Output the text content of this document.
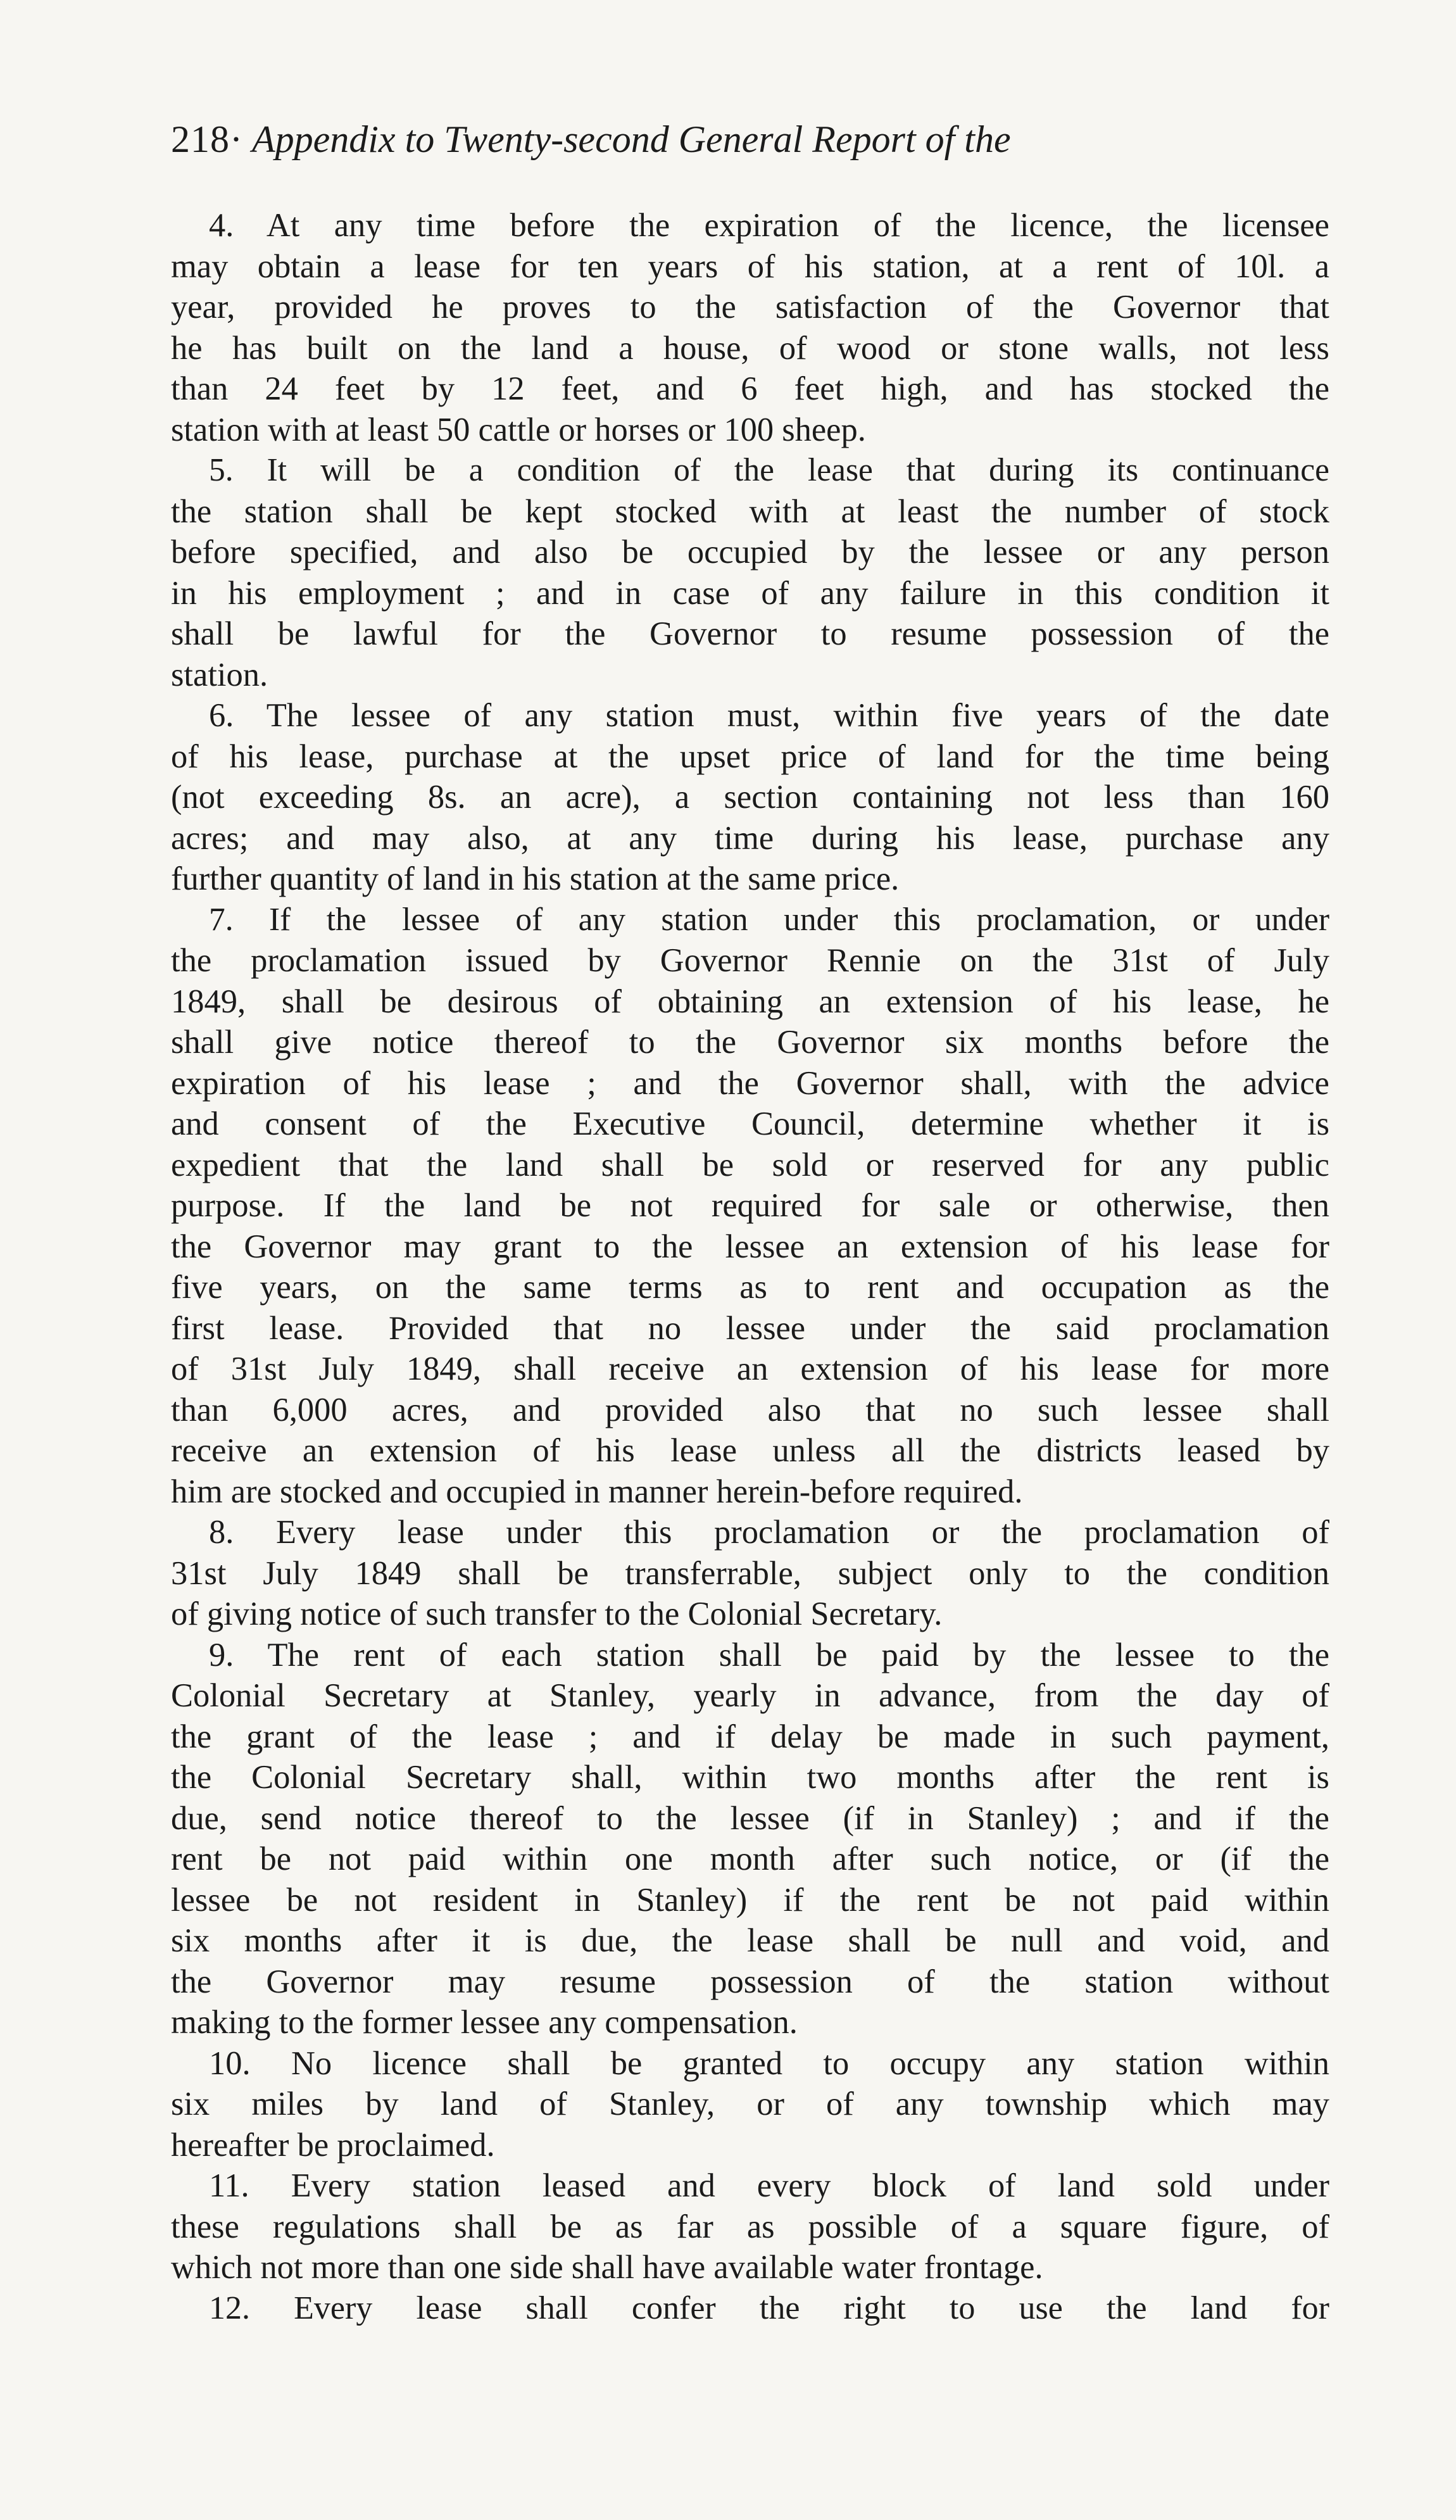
218· Appendix to Twenty-second General Report of the
4. At any time before the expiration of the licence, the licensee
may obtain a lease for ten years of his station, at a rent of 10l. a
year, provided he proves to the satisfaction of the Governor that
he has built on the land a house, of wood or stone walls, not less
than 24 feet by 12 feet, and 6 feet high, and has stocked the
station with at least 50 cattle or horses or 100 sheep.
5. It will be a condition of the lease that during its continuance
the station shall be kept stocked with at least the number of stock
before specified, and also be occupied by the lessee or any person
in his employment ; and in case of any failure in this condition it
shall be lawful for the Governor to resume possession of the
station.
6. The lessee of any station must, within five years of the date
of his lease, purchase at the upset price of land for the time being
(not exceeding 8s. an acre), a section containing not less than 160
acres; and may also, at any time during his lease, purchase any
further quantity of land in his station at the same price.
7. If the lessee of any station under this proclamation, or under
the proclamation issued by Governor Rennie on the 31st of July
1849, shall be desirous of obtaining an extension of his lease, he
shall give notice thereof to the Governor six months before the
expiration of his lease ; and the Governor shall, with the advice
and consent of the Executive Council, determine whether it is
expedient that the land shall be sold or reserved for any public
purpose. If the land be not required for sale or otherwise, then
the Governor may grant to the lessee an extension of his lease for
five years, on the same terms as to rent and occupation as the
first lease. Provided that no lessee under the said proclamation
of 31st July 1849, shall receive an extension of his lease for more
than 6,000 acres, and provided also that no such lessee shall
receive an extension of his lease unless all the districts leased by
him are stocked and occupied in manner herein-before required.
8. Every lease under this proclamation or the proclamation of
31st July 1849 shall be transferrable, subject only to the condition
of giving notice of such transfer to the Colonial Secretary.
9. The rent of each station shall be paid by the lessee to the
Colonial Secretary at Stanley, yearly in advance, from the day of
the grant of the lease ; and if delay be made in such payment,
the Colonial Secretary shall, within two months after the rent is
due, send notice thereof to the lessee (if in Stanley) ; and if the
rent be not paid within one month after such notice, or (if the
lessee be not resident in Stanley) if the rent be not paid within
six months after it is due, the lease shall be null and void, and
the Governor may resume possession of the station without
making to the former lessee any compensation.
10. No licence shall be granted to occupy any station within
six miles by land of Stanley, or of any township which may
hereafter be proclaimed.
11. Every station leased and every block of land sold under
these regulations shall be as far as possible of a square figure, of
which not more than one side shall have available water frontage.
12. Every lease shall confer the right to use the land for
